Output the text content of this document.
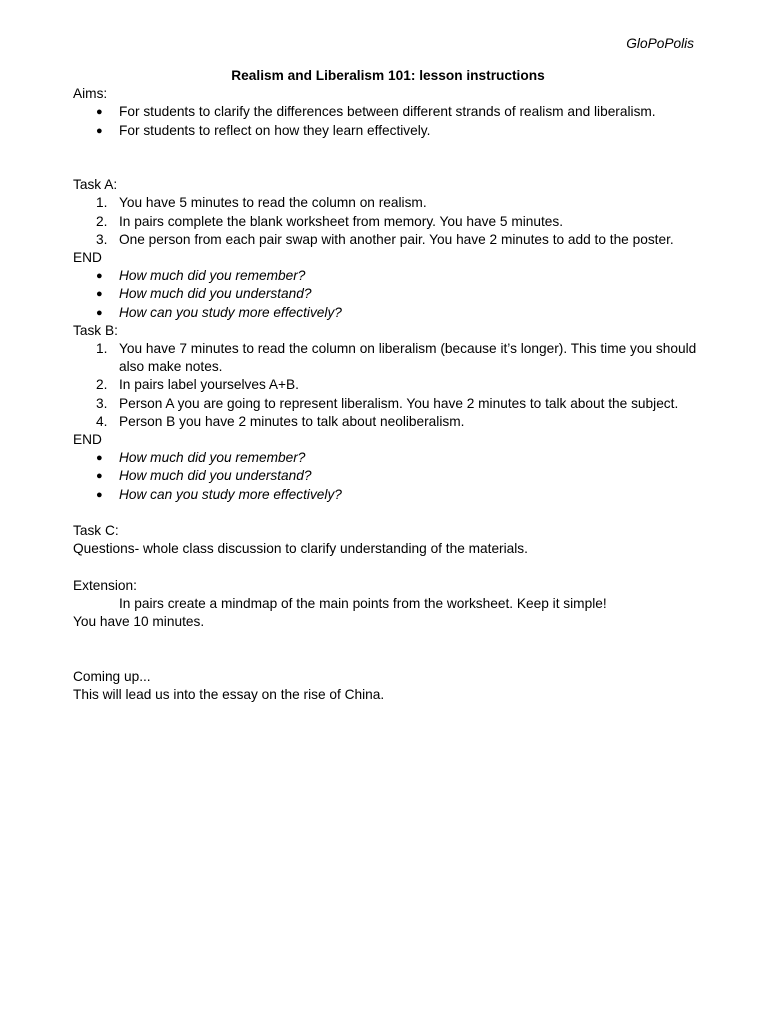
GloPoPolis

Realism and Liberalism 101: lesson instructions

Aims:

● For students to clarify the differences between different strands of realism and liberalism.
● For students to reflect on how they learn effectively.

Task A:

1. You have 5 minutes to read the column on realism.
2. In pairs complete the blank worksheet from memory. You have 5 minutes.
3. One person from each pair swap with another pair. You have 2 minutes to add to the poster.

END

● How much did you remember?
● How much did you understand?
● How can you study more effectively?

Task B:

1. You have 7 minutes to read the column on liberalism (because it’s longer). This time you should also make notes.
2. In pairs label yourselves A+B.
3. Person A you are going to represent liberalism. You have 2 minutes to talk about the subject.
4. Person B you have 2 minutes to talk about neoliberalism.

END

● How much did you remember?
● How much did you understand?
● How can you study more effectively?

Task C:

Questions- whole class discussion to clarify understanding of the materials.

Extension:

In pairs create a mindmap of the main points from the worksheet. Keep it simple!

You have 10 minutes.

Coming up...

This will lead us into the essay on the rise of China.
